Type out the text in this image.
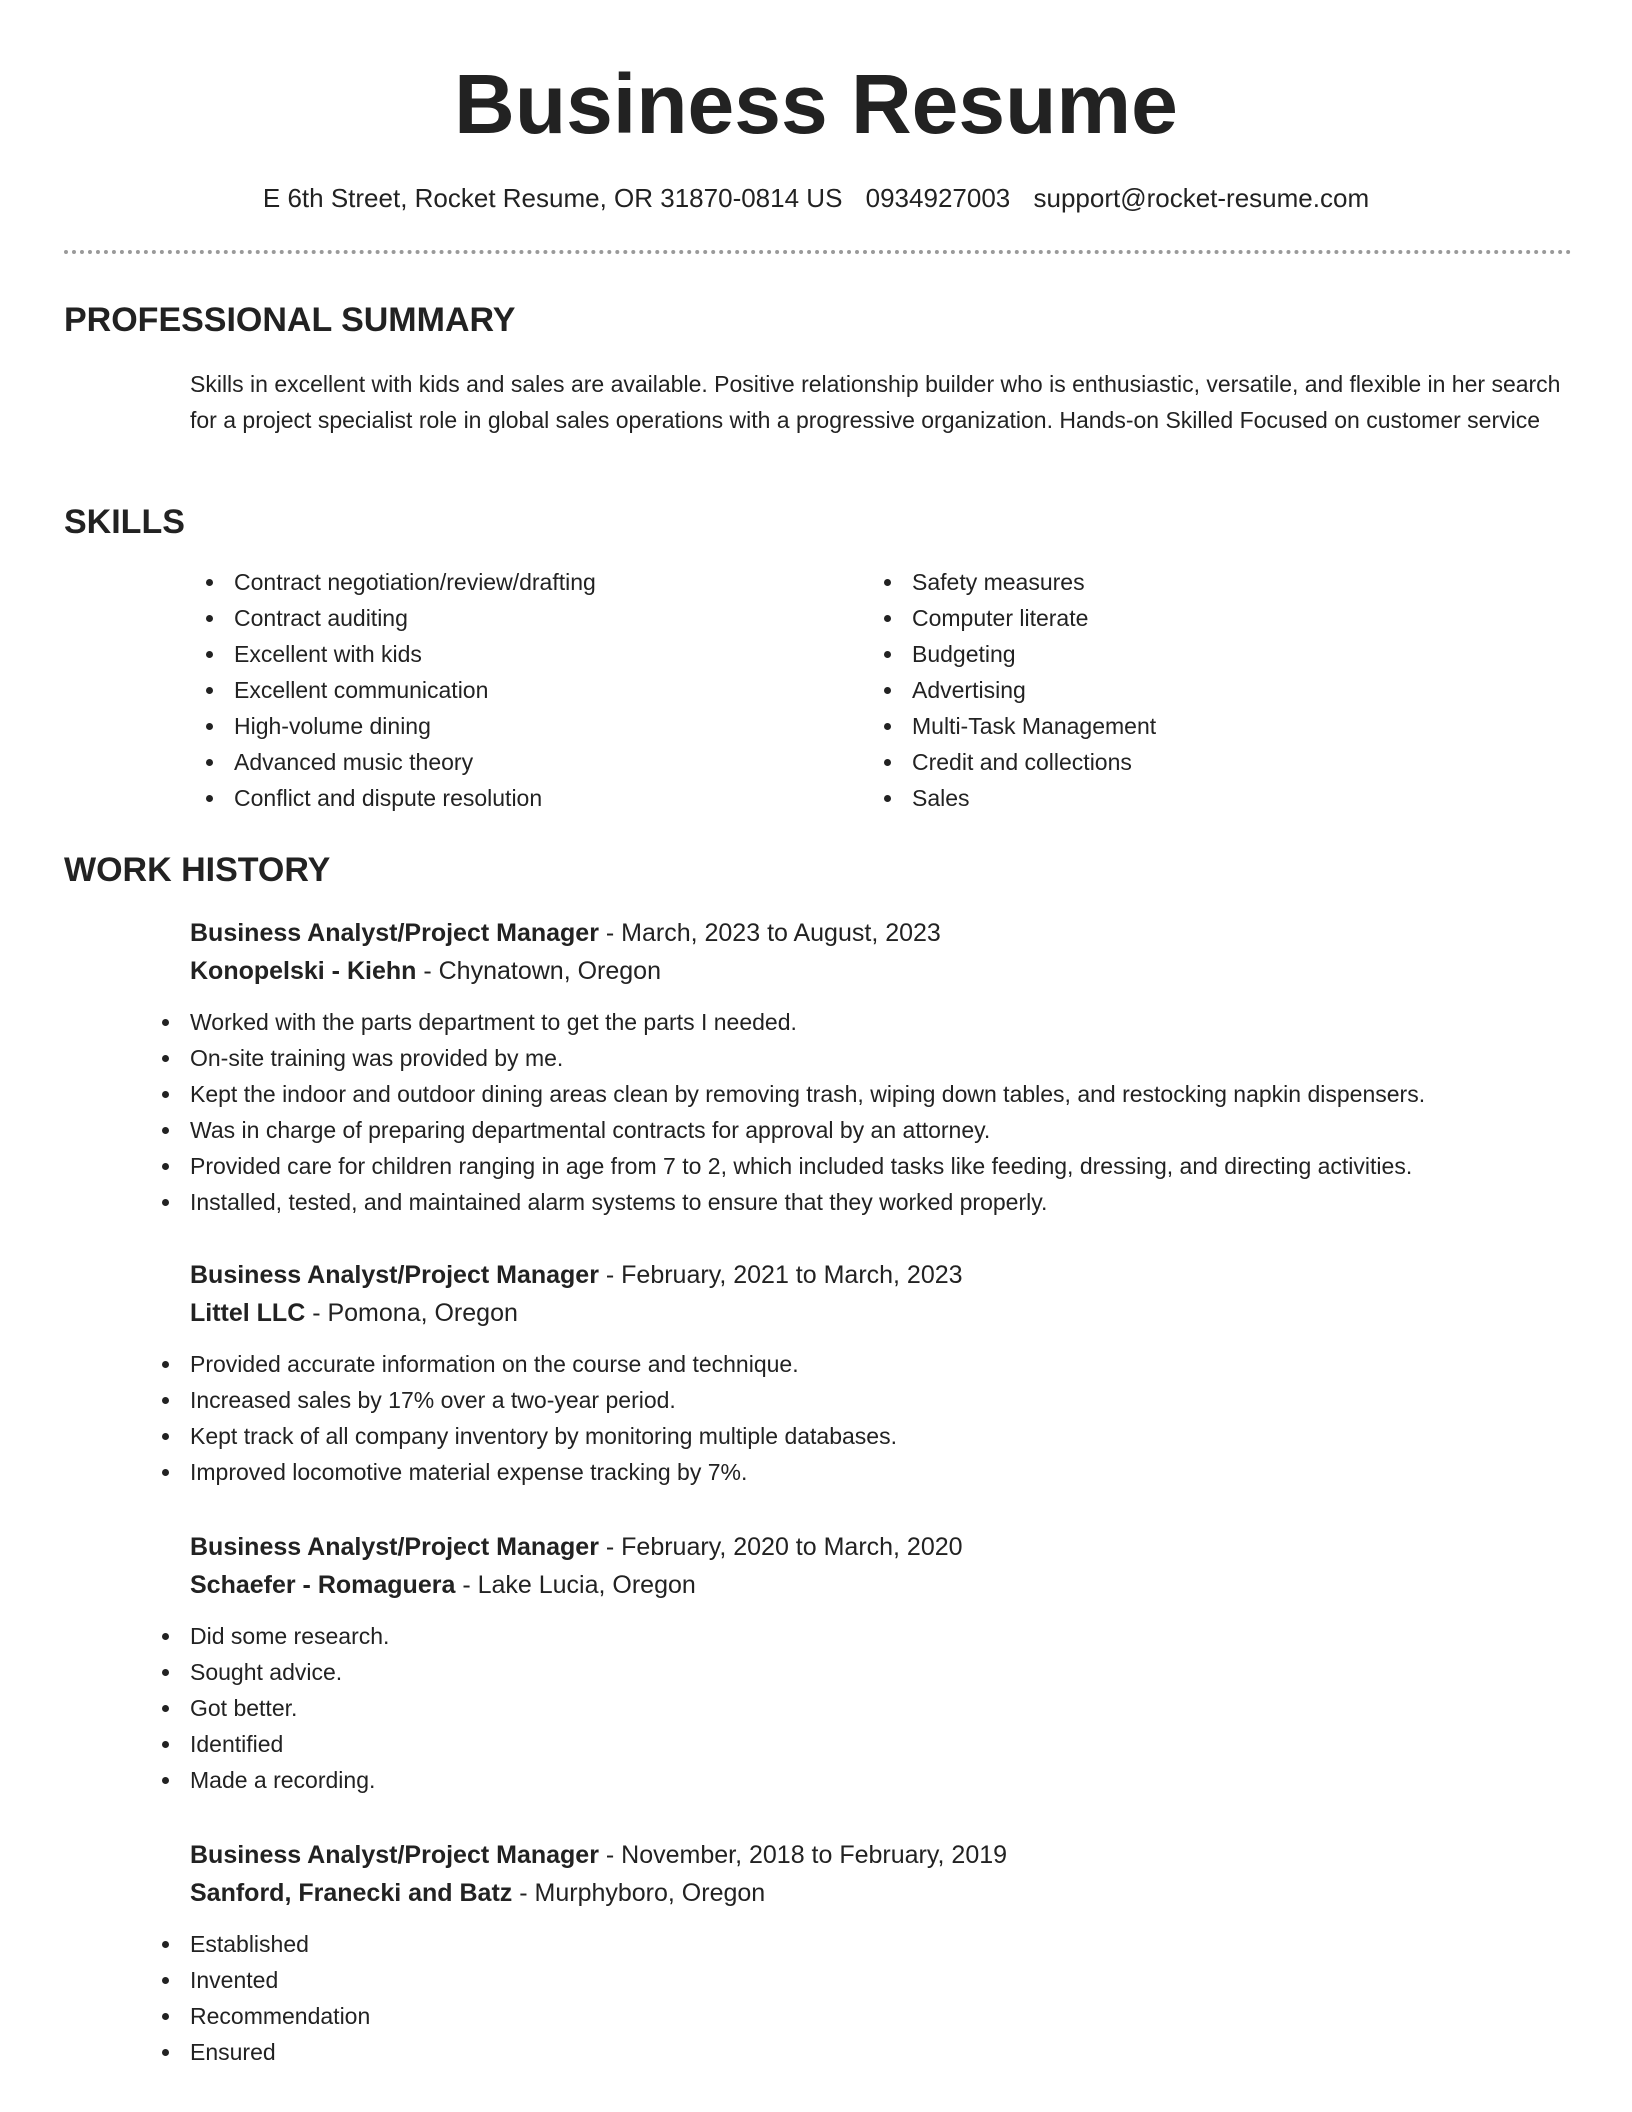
Business Resume
E 6th Street, Rocket Resume, OR 31870-0814 US 0934927003 support@rocket-resume.com
PROFESSIONAL SUMMARY

Skills in excellent with kids and sales are available. Positive relationship builder who is enthusiastic, versatile, and flexible in her search for a project specialist role in global sales operations with a progressive organization. Hands-on Skilled Focused on customer service

SKILLS
Contract negotiation/review/drafting
Contract auditing
Excellent with kids
Excellent communication
High-volume dining
Advanced music theory
Conflict and dispute resolution
Safety measures
Computer literate
Budgeting
Advertising
Multi-Task Management
Credit and collections
Sales
WORK HISTORY
Business Analyst/Project Manager - March, 2023 to August, 2023
Konopelski - Kiehn - Chynatown, Oregon
Worked with the parts department to get the parts I needed.
On-site training was provided by me.
Kept the indoor and outdoor dining areas clean by removing trash, wiping down tables, and restocking napkin dispensers.
Was in charge of preparing departmental contracts for approval by an attorney.
Provided care for children ranging in age from 7 to 2, which included tasks like feeding, dressing, and directing activities.
Installed, tested, and maintained alarm systems to ensure that they worked properly.
Business Analyst/Project Manager - February, 2021 to March, 2023
Littel LLC - Pomona, Oregon
Provided accurate information on the course and technique.
Increased sales by 17% over a two-year period.
Kept track of all company inventory by monitoring multiple databases.
Improved locomotive material expense tracking by 7%.
Business Analyst/Project Manager - February, 2020 to March, 2020
Schaefer - Romaguera - Lake Lucia, Oregon
Did some research.
Sought advice.
Got better.
Identified
Made a recording.
Business Analyst/Project Manager - November, 2018 to February, 2019
Sanford, Franecki and Batz - Murphyboro, Oregon
Established
Invented
Recommendation
Ensured
